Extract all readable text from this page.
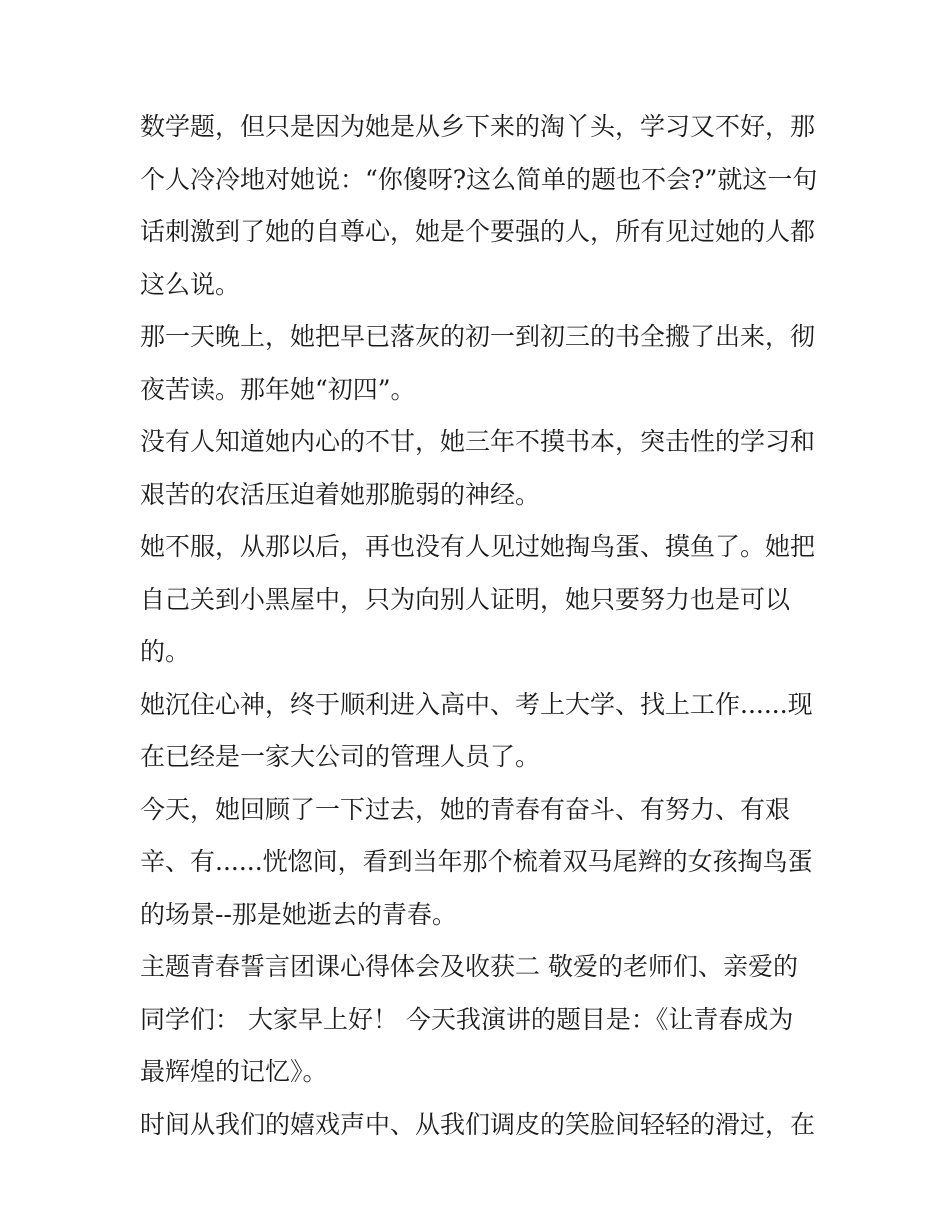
数学题，但只是因为她是从乡下来的淘丫头，学习又不好，那
个人冷冷地对她说：“你傻呀?这么简单的题也不会?”就这一句
话刺激到了她的自尊心，她是个要强的人，所有见过她的人都
这么说。
那一天晚上，她把早已落灰的初一到初三的书全搬了出来，彻
夜苦读。那年她“初四”。
没有人知道她内心的不甘，她三年不摸书本，突击性的学习和
艰苦的农活压迫着她那脆弱的神经。
她不服，从那以后，再也没有人见过她掏鸟蛋、摸鱼了。她把
自己关到小黑屋中，只为向别人证明，她只要努力也是可以
的。
她沉住心神，终于顺利进入高中、考上大学、找上工作......现
在已经是一家大公司的管理人员了。
今天，她回顾了一下过去，她的青春有奋斗、有努力、有艰
辛、有......恍惚间，看到当年那个梳着双马尾辫的女孩掏鸟蛋
的场景--那是她逝去的青春。
主题青春誓言团课心得体会及收获二 敬爱的老师们、亲爱的
同学们： 大家早上好！ 今天我演讲的题目是：《让青春成为
最辉煌的记忆》。
时间从我们的嬉戏声中、从我们调皮的笑脸间轻轻的滑过，在
